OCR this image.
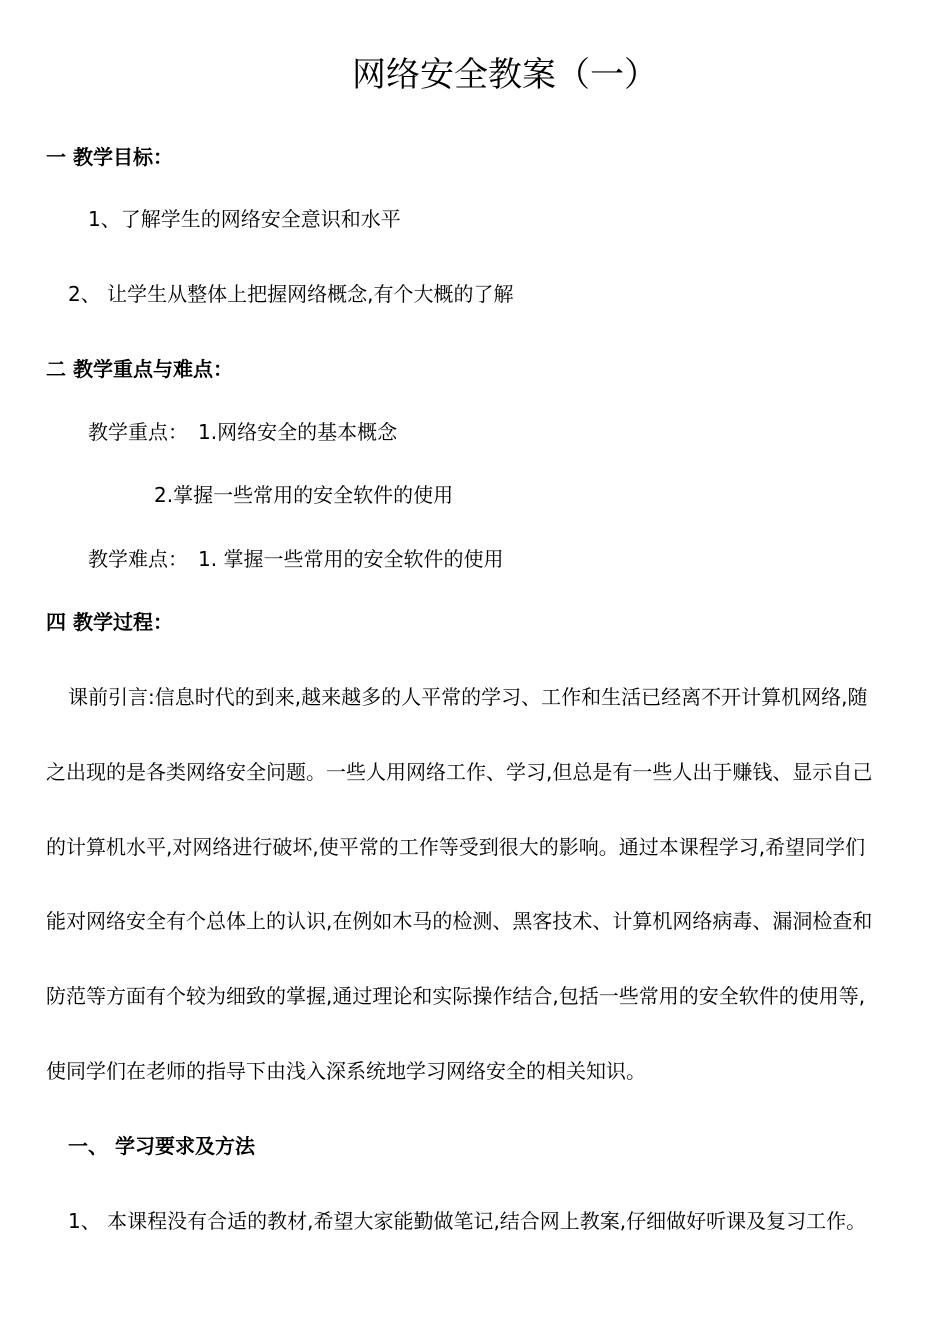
网络安全教案（一）
一 教学目标：
1、了解学生的网络安全意识和水平
2、 让学生从整体上把握网络概念,有个大概的了解
二 教学重点与难点：
教学重点： 1.网络安全的基本概念
2.掌握一些常用的安全软件的使用
教学难点： 1. 掌握一些常用的安全软件的使用
四 教学过程：
课前引言:信息时代的到来,越来越多的人平常的学习、工作和生活已经离不开计算机网络,随
之出现的是各类网络安全问题。一些人用网络工作、学习,但总是有一些人出于赚钱、显示自己
的计算机水平,对网络进行破坏,使平常的工作等受到很大的影响。通过本课程学习,希望同学们
能对网络安全有个总体上的认识,在例如木马的检测、黑客技术、计算机网络病毒、漏洞检查和
防范等方面有个较为细致的掌握,通过理论和实际操作结合,包括一些常用的安全软件的使用等,
使同学们在老师的指导下由浅入深系统地学习网络安全的相关知识。
一、 学习要求及方法
1、 本课程没有合适的教材,希望大家能勤做笔记,结合网上教案,仔细做好听课及复习工作。
